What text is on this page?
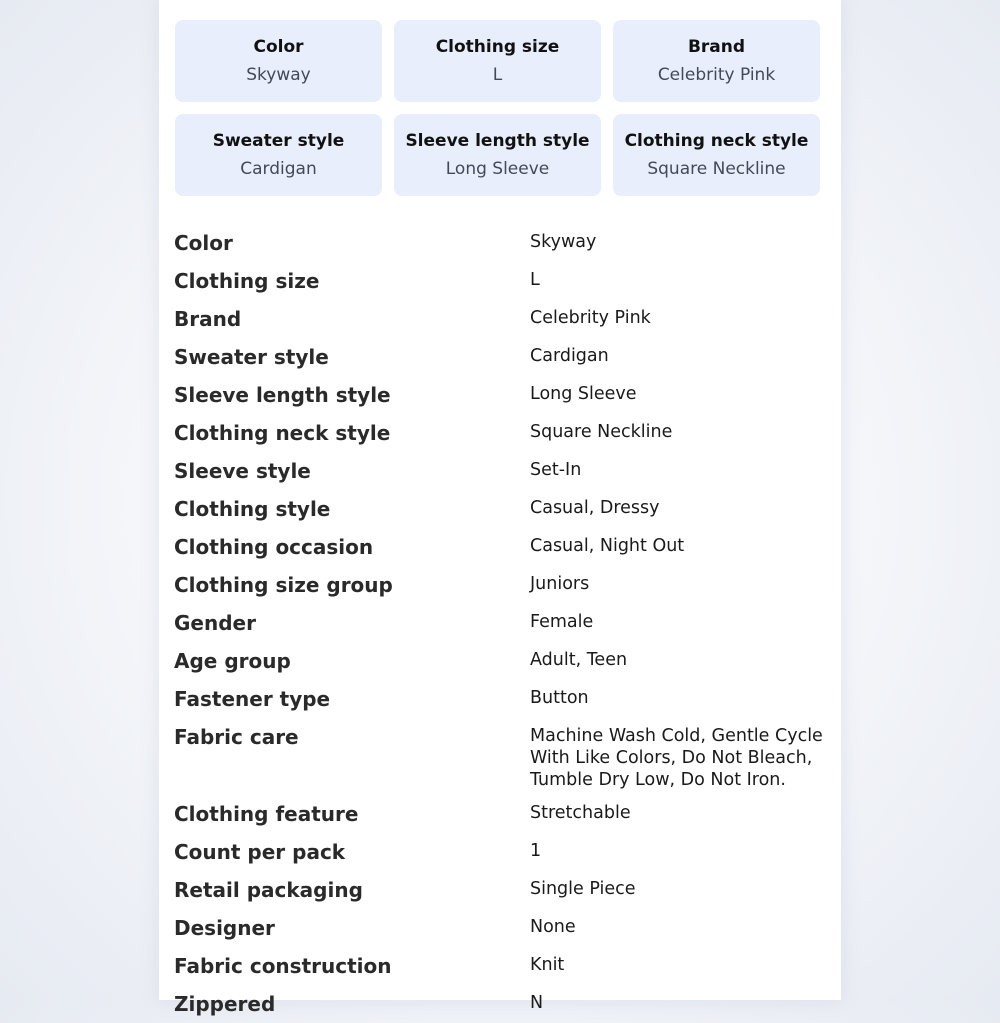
Color
Skyway
Clothing size
L
Brand
Celebrity Pink
Sweater style
Cardigan
Sleeve length style
Long Sleeve
Clothing neck style
Square Neckline
Color	Skyway
Clothing size	L
Brand	Celebrity Pink
Sweater style	Cardigan
Sleeve length style	Long Sleeve
Clothing neck style	Square Neckline
Sleeve style	Set-In
Clothing style	Casual, Dressy
Clothing occasion	Casual, Night Out
Clothing size group	Juniors
Gender	Female
Age group	Adult, Teen
Fastener type	Button
Fabric care	Machine Wash Cold, Gentle Cycle With Like Colors, Do Not Bleach, Tumble Dry Low, Do Not Iron.
Clothing feature	Stretchable
Count per pack	1
Retail packaging	Single Piece
Designer	None
Fabric construction	Knit
Zippered	N
